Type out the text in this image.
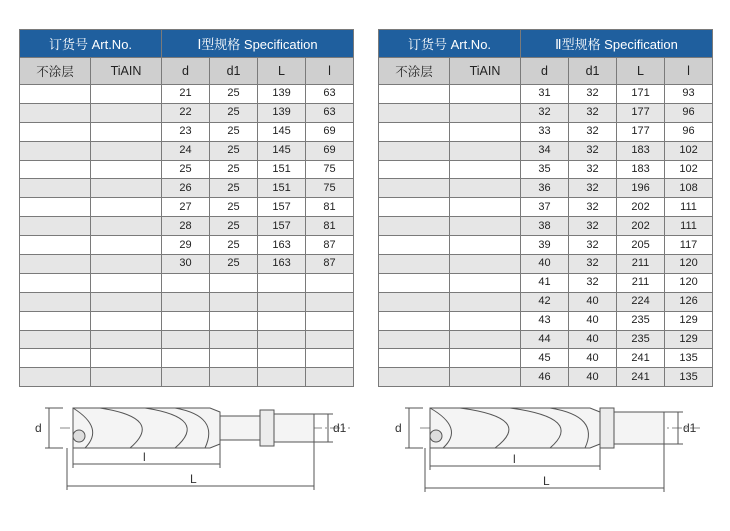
订货号 Art.No.		Ⅰ型规格 Specification			
不涂层	TiAIN	d	d1	L	l
		21	25	139	63
		22	25	139	63
		23	25	145	69
		24	25	145	69
		25	25	151	75
		26	25	151	75
		27	25	157	81
		28	25	157	81
		29	25	163	87
		30	25	163	87

订货号 Art.No.		Ⅱ型规格 Specification			
不涂层	TiAIN	d	d1	L	l
		31	32	171	93
		32	32	177	96
		33	32	177	96
		34	32	183	102
		35	32	183	102
		36	32	196	108
		37	32	202	111
		38	32	202	111
		39	32	205	117
		40	32	211	120
		41	32	211	120
		42	40	224	126
		43	40	235	129
		44	40	235	129
		45	40	241	135
		46	40	241	135
d	d1
l
L
d	d1
l
L
